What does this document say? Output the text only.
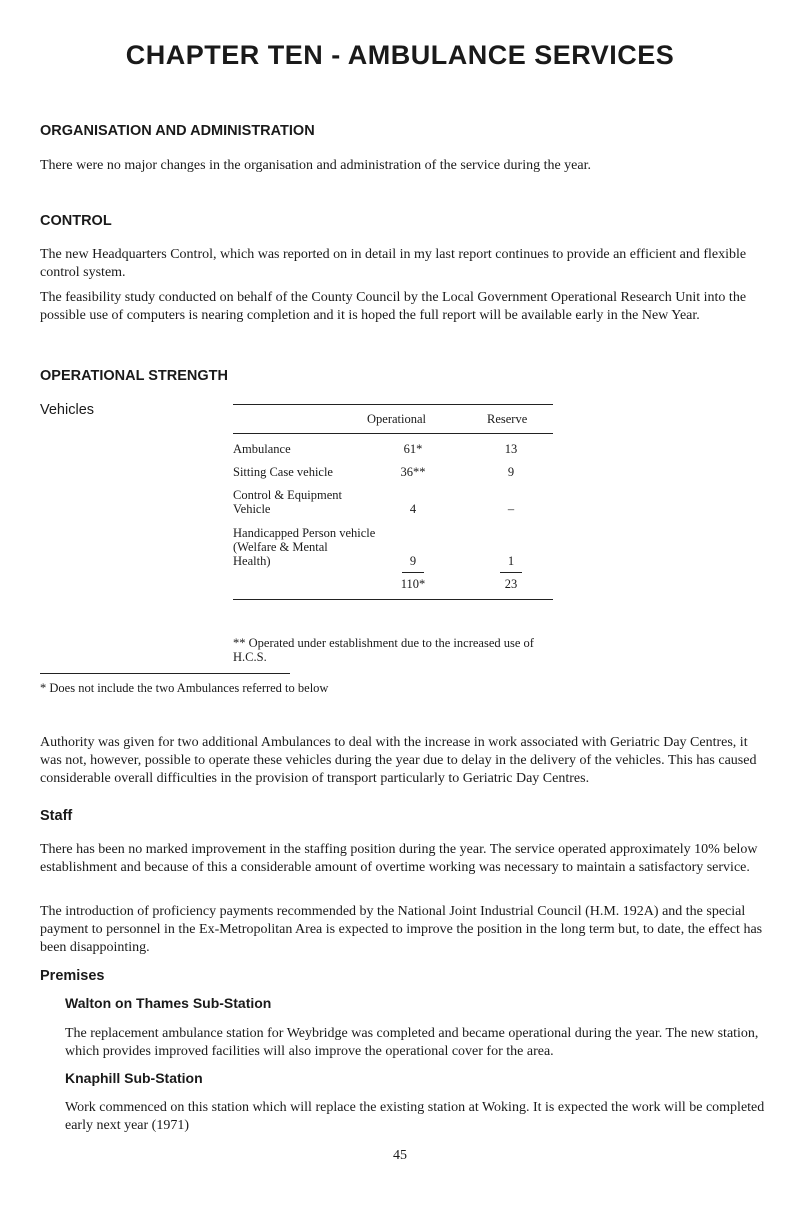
CHAPTER TEN - AMBULANCE SERVICES
ORGANISATION AND ADMINISTRATION
There were no major changes in the organisation and administration of the service during the year.
CONTROL
The new Headquarters Control, which was reported on in detail in my last report continues to provide an efficient and flexible control system.
The feasibility study conducted on behalf of the County Council by the Local Government Operational Research Unit into the possible use of computers is nearing completion and it is hoped the full report will be available early in the New Year.
OPERATIONAL STRENGTH
Vehicles
Operational	Reserve
Ambulance	61*	13
Sitting Case vehicle	36**	9
Control & Equipment
Vehicle	4	–
Handicapped Person vehicle
(Welfare & Mental
Health)	9	1
110*	23
** Operated under establishment due to the increased use of H.C.S.
* Does not include the two Ambulances referred to below
Authority was given for two additional Ambulances to deal with the increase in work associated with Geriatric Day Centres, it was not, however, possible to operate these vehicles during the year due to delay in the delivery of the vehicles. This has caused considerable overall difficulties in the provision of transport particularly to Geriatric Day Centres.
Staff
There has been no marked improvement in the staffing position during the year. The service operated approximately 10% below establishment and because of this a considerable amount of overtime working was necessary to maintain a satisfactory service.
The introduction of proficiency payments recommended by the National Joint Industrial Council (H.M. 192A) and the special payment to personnel in the Ex-Metropolitan Area is expected to improve the position in the long term but, to date, the effect has been disappointing.
Premises
Walton on Thames Sub-Station
The replacement ambulance station for Weybridge was completed and became operational during the year. The new station, which provides improved facilities will also improve the operational cover for the area.
Knaphill Sub-Station
Work commenced on this station which will replace the existing station at Woking. It is expected the work will be completed early next year (1971)
45
